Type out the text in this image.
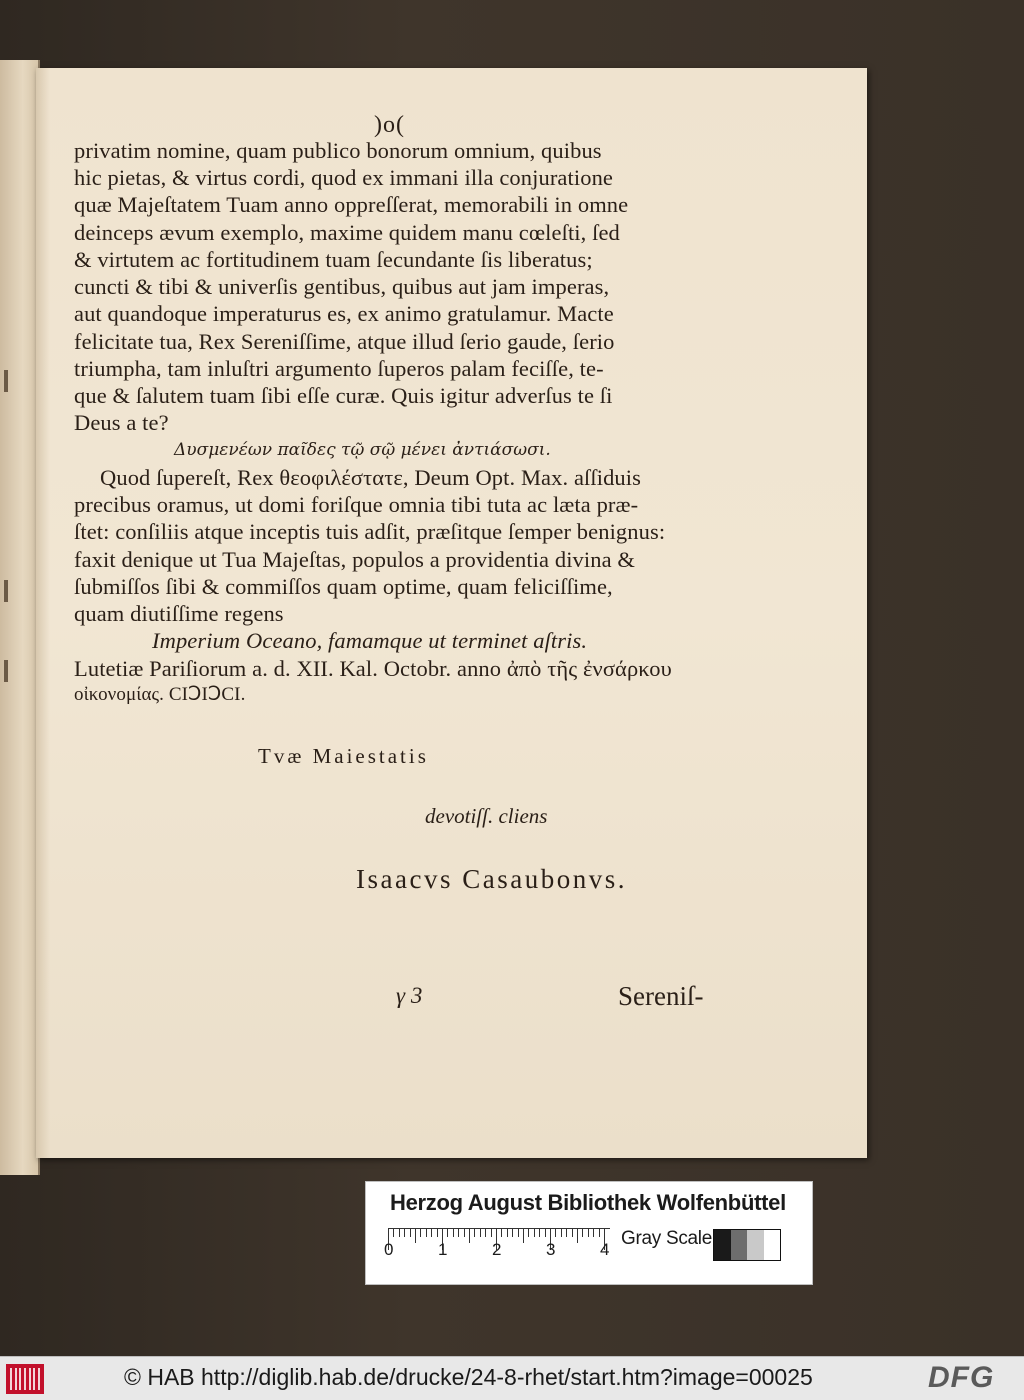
)o(
privatim nomine, quam publico bonorum omnium, quibus
hic pietas, & virtus cordi, quod ex immani illa conjuratione
quæ Majeſtatem Tuam anno oppreſſerat, memorabili in omne
deinceps ævum exemplo, maxime quidem manu cœleſti, ſed
& virtutem ac fortitudinem tuam ſecundante ſis liberatus;
cuncti & tibi & univerſis gentibus, quibus aut jam imperas,
aut quandoque imperaturus es, ex animo gratulamur. Macte
felicitate tua, Rex Sereniſſime, atque illud ſerio gaude, ſerio
triumpha, tam inluſtri argumento ſuperos palam feciſſe, te-
que & ſalutem tuam ſibi eſſe curæ. Quis igitur adverſus te ſi
Deus a te?
Δυσμενέων παῖδες τῷ σῷ μένει ἀντιάσωσι.
Quod ſupereſt, Rex θεοφιλέστατε, Deum Opt. Max. aſſiduis
precibus oramus, ut domi foriſque omnia tibi tuta ac læta præ-
ſtet: conſiliis atque inceptis tuis adſit, præſitque ſemper benignus:
faxit denique ut Tua Majeſtas, populos a providentia divina &
ſubmiſſos ſibi & commiſſos quam optime, quam feliciſſime,
quam diutiſſime regens
Imperium Oceano, famamque ut terminet aſtris.
Lutetiæ Pariſiorum a. d. XII. Kal. Octobr. anno ἀπὸ τῆς ἐνσάρκου
οἰκονομίας. CIↃIↃCI.
Tvæ Maiestatis
devotiſſ. cliens
Isaacvs Casaubonvs.
γ 3	Sereniſ-
Herzog August Bibliothek Wolfenbüttel
0	1	2	3	4
Gray Scale
© HAB http://diglib.hab.de/drucke/24-8-rhet/start.htm?image=00025	DFG
